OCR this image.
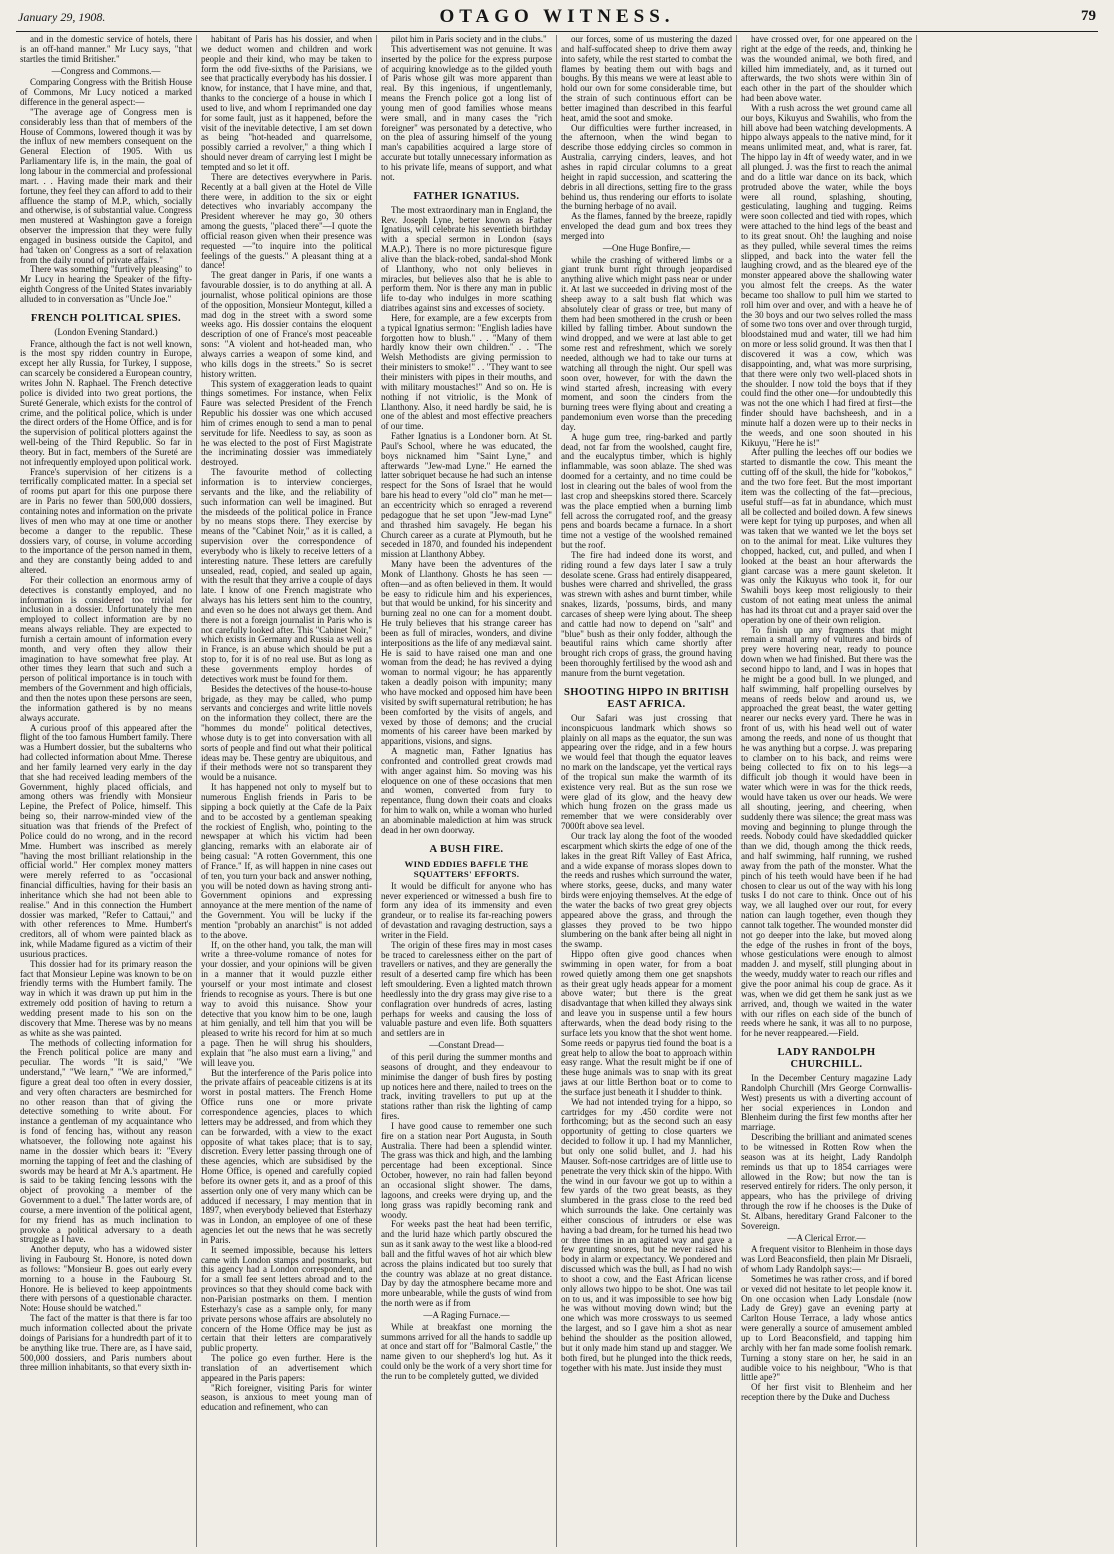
January 29, 1908.	OTAGO WITNESS.	79

and in the domestic service of hotels, there is an off-hand manner." Mr Lucy says, "that startles the timid Britisher."

—Congress and Commons.—

Comparing Congress with the British House of Commons, Mr Lucy noticed a marked difference in the general aspect:—

"The average age of Congress men is considerably less than that of members of the House of Commons, lowered though it was by the influx of new members consequent on the General Election of 1905. With us Parliamentary life is, in the main, the goal of long labour in the commercial and professional mart. . . Having made their mark and their fortune, they feel they can afford to add to their affluence the stamp of M.P., which, socially and otherwise, is of substantial value. Congress men mustered at Washington gave a foreign observer the impression that they were fully engaged in business outside the Capitol, and had 'taken on' Congress as a sort of relaxation from the daily round of private affairs."

There was something "furtively pleasing" to Mr Lucy in hearing the Speaker of the fifty-eighth Congress of the United States invariably alluded to in conversation as "Uncle Joe."

FRENCH POLITICAL SPIES.

(London Evening Standard.)

France, although the fact is not well known, is the most spy ridden country in Europe, except her ally Russia, for Turkey, I suppose, can scarcely be considered a European country, writes John N. Raphael. The French detective police is divided into two great portions, the Sureté Generale, which exists for the control of crime, and the political police, which is under the direct orders of the Home Office, and is for the supervision of political plotters against the well-being of the Third Republic. So far in theory. But in fact, members of the Sureté are not infrequently employed upon political work.

France's supervision of her citizens is a terrifically complicated matter. In a special set of rooms put apart for this one purpose there are in Paris no fewer than 500,000 dossiers, containing notes and information on the private lives of men who may at one time or another become a danger to the republic. These dossiers vary, of course, in volume according to the importance of the person named in them, and they are constantly being added to and altered.

For their collection an enormous army of detectives is constantly employed, and no information is considered too trivial for inclusion in a dossier. Unfortunately the men employed to collect information are by no means always reliable. They are expected to furnish a certain amount of information every month, and very often they allow their imagination to have somewhat free play. At other times they learn that such and such a person of political importance is in touch with members of the Government and high officials, and then the notes upon these persons are seen, the information gathered is by no means always accurate.

A curious proof of this appeared after the flight of the too famous Humbert family. There was a Humbert dossier, but the subalterns who had collected information about Mme. Therese and her family learned very early in the day that she had received leading members of the Government, highly placed officials, and among others was friendly with Monsieur Lepine, the Prefect of Police, himself. This being so, their narrow-minded view of the situation was that friends of the Prefect of Police could do no wrong, and in the record Mme. Humbert was inscribed as merely "having the most brilliant relationship in the official world." Her complex money matters were merely referred to as "occasional financial difficulties, having for their basis an inheritance which she had not been able to realise." And in this connection the Humbert dossier was marked, "Refer to Cattaui," and with other references to Mme. Humbert's creditors, all of whom were painted black as ink, while Madame figured as a victim of their usurious practices.

This dossier had for its primary reason the fact that Monsieur Lepine was known to be on friendly terms with the Humbert family. The way in which it was drawn up put him in the extremely odd position of having to return a wedding present made to his son on the discovery that Mme. Therese was by no means as white as she was painted.

The methods of collecting information for the French political police are many and peculiar. The words "It is said," "We understand," "We learn," "We are informed," figure a great deal too often in every dossier, and very often characters are besmirched for no other reason than that of giving the detective something to write about. For instance a gentleman of my acquaintance who is fond of fencing has, without any reason whatsoever, the following note against his name in the dossier which bears it: "Every morning the tapping of feet and the clashing of swords may be heard at Mr A.'s apartment. He is said to be taking fencing lessons with the object of provoking a member of the Government to a duel." The latter words are, of course, a mere invention of the political agent, for my friend has as much inclination to provoke a political adversary to a death struggle as I have.

Another deputy, who has a widowed sister living in Faubourg St. Honore, is noted down as follows: "Monsieur B. goes out early every morning to a house in the Faubourg St. Honore. He is believed to keep appointments there with persons of a questionable character. Note: House should be watched."

The fact of the matter is that there is far too much information collected about the private doings of Parisians for a hundredth part of it to be anything like true. There are, as I have said, 500,000 dossiers, and Paris numbers about three million inhabitants, so that every sixth in-

habitant of Paris has his dossier, and when we deduct women and children and work people and their kind, who may be taken to form the odd five-sixths of the Parisians, we see that practically everybody has his dossier. I know, for instance, that I have mine, and that, thanks to the concierge of a house in which I used to live, and whom I reprimanded one day for some fault, just as it happened, before the visit of the inevitable detective, I am set down as being "hot-headed and quarrelsome, possibly carried a revolver," a thing which I should never dream of carrying lest I might be tempted and so let it off.

There are detectives everywhere in Paris. Recently at a ball given at the Hotel de Ville there were, in addition to the six or eight detectives who invariably accompany the President wherever he may go, 30 others among the guests, "placed there"—I quote the official reason given when their presence was requested —"to inquire into the political feelings of the guests." A pleasant thing at a dance!

The great danger in Paris, if one wants a favourable dossier, is to do anything at all. A journalist, whose political opinions are those of the opposition, Monsieur Montegut, killed a mad dog in the street with a sword some weeks ago. His dossier contains the eloquent description of one of France's most peaceable sons: "A violent and hot-headed man, who always carries a weapon of some kind, and who kills dogs in the streets." So is secret history written.

This system of exaggeration leads to quaint things sometimes. For instance, when Felix Faure was selected President of the French Republic his dossier was one which accused him of crimes enough to send a man to penal servitude for life. Needless to say, as soon as he was elected to the post of First Magistrate the incriminating dossier was immediately destroyed.

The favourite method of collecting information is to interview concierges, servants and the like, and the reliability of such information can well be imagined. But the misdeeds of the political police in France by no means stops there. They exercise by means of the "Cabinet Noir," as it is called, a supervision over the correspondence of everybody who is likely to receive letters of a interesting nature. These letters are carefully unsealed, read, copied, and sealed up again, with the result that they arrive a couple of days late. I know of one French magistrate who always has his letters sent him to the country, and even so he does not always get them. And there is not a foreign journalist in Paris who is not carefully looked after. This "Cabinet Noir," which exists in Germany and Russia as well as in France, is an abuse which should be put a stop to, for it is of no real use. But as long as these governments employ hordes of detectives work must be found for them.

Besides the detectives of the house-to-house brigade, as they may be called, who pump servants and concierges and write little novels on the information they collect, there are the "hommes du monde" political detectives, whose duty is to get into conversation with all sorts of people and find out what their political ideas may be. These gentry are ubiquitous, and if their methods were not so transparent they would be a nuisance.

It has happened not only to myself but to numerous English friends in Paris to be sipping a bock quietly at the Cafe de la Paix and to be accosted by a gentleman speaking the rockiest of English, who, pointing to the newspaper at which his victim had been glancing, remarks with an elaborate air of being casual: "A rotten Government, this one of France." If, as will happen in nine cases out of ten, you turn your back and answer nothing, you will be noted down as having strong anti-Government opinions and expressing annoyance at the mere mention of the name of the Government. You will be lucky if the mention "probably an anarchist" is not added to the above.

If, on the other hand, you talk, the man will write a three-volume romance of notes for your dossier, and your opinions will be given in a manner that it would puzzle either yourself or your most intimate and closest friends to recognise as yours. There is but one way to avoid this nuisance. Show your detective that you know him to be one, laugh at him genially, and tell him that you will be pleased to write his record for him at so much a page. Then he will shrug his shoulders, explain that "he also must earn a living," and will leave you.

But the interference of the Paris police into the private affairs of peaceable citizens is at its worst in postal matters. The French Home Office runs one or more private correspondence agencies, places to which letters may be addressed, and from which they can be forwarded, with a view to the exact opposite of what takes place; that is to say, discretion. Every letter passing through one of these agencies, which are subsidised by the Home Office, is opened and carefully copied before its owner gets it, and as a proof of this assertion only one of very many which can be adduced if necessary, I may mention that in 1897, when everybody believed that Esterhazy was in London, an employee of one of these agencies let out the news that he was secretly in Paris.

It seemed impossible, because his letters came with London stamps and postmarks, but this agency had a London correspondent, and for a small fee sent letters abroad and to the provinces so that they should come back with non-Parisian postmarks on them. I mention Esterhazy's case as a sample only, for many private persons whose affairs are absolutely no concern of the Home Office may be just as certain that their letters are comparatively public property.

The police go even further. Here is the translation of an advertisement which appeared in the Paris papers:

"Rich foreigner, visiting Paris for winter season, is anxious to meet young man of education and refinement, who can

pilot him in Paris society and in the clubs."

This advertisement was not genuine. It was inserted by the police for the express purpose of acquiring knowledge as to the gilded youth of Paris whose gilt was more apparent than real. By this ingenious, if ungentlemanly, means the French police got a long list of young men of good families whose means were small, and in many cases the "rich foreigner" was personated by a detective, who on the plea of assuring himself of the young man's capabilities acquired a large store of accurate but totally unnecessary information as to his private life, means of support, and what not.

FATHER IGNATIUS.

The most extraordinary man in England, the Rev. Joseph Lyne, better known as Father Ignatius, will celebrate his seventieth birthday with a special sermon in London (says M.A.P.). There is no more picturesque figure alive than the black-robed, sandal-shod Monk of Llanthony, who not only believes in miracles, but believes also that he is able to perform them. Nor is there any man in public life to-day who indulges in more scathing diatribes against sins and excesses of society.

Here, for example, are a few excerpts from a typical Ignatius sermon: "English ladies have forgotten how to blush." . . "Many of them hardly know their own children." . . "The Welsh Methodists are giving permission to their ministers to smoke!" . . "They want to see their ministers with pipes in their mouths, and with military moustaches!" And so on. He is nothing if not vitriolic, is the Monk of Llanthony. Also, it need hardly be said, he is one of the ablest and most effective preachers of our time.

Father Ignatius is a Londoner born. At St. Paul's School, where he was educated, the boys nicknamed him "Saint Lyne," and afterwards "Jew-mad Lyne." He earned the latter sobriquet because he had such an intense respect for the Sons of Israel that he would bare his head to every "old clo'" man he met—an eccentricity which so enraged a reverend pedagogue that he set upon "Jew-mad Lyne" and thrashed him savagely. He began his Church career as a curate at Plymouth, but he seceded in 1870, and founded his independent mission at Llanthony Abbey.

Many have been the adventures of the Monk of Llanthony. Ghosts he has seen —often—and as often believed in them. It would be easy to ridicule him and his experiences, but that would be unkind, for his sincerity and burning zeal no one can for a moment doubt. He truly believes that his strange career has been as full of miracles, wonders, and divine interpositions as the life of any mediæval saint. He is said to have raised one man and one woman from the dead; he has revived a dying woman to normal vigour; he has apparently taken a deadly poison with impunity; many who have mocked and opposed him have been visited by swift supernatural retribution; he has been comforted by the visits of angels, and vexed by those of demons; and the crucial moments of his career have been marked by apparitions, visions, and signs.

A magnetic man, Father Ignatius has confronted and controlled great crowds mad with anger against him. So moving was his eloquence on one of these occasions that men and women, converted from fury to repentance, flung down their coats and cloaks for him to walk on, while a woman who hurled an abominable malediction at him was struck dead in her own doorway.

A BUSH FIRE.
WIND EDDIES BAFFLE THE SQUATTERS' EFFORTS.

It would be difficult for anyone who has never experienced or witnessed a bush fire to form any idea of its immensity and even grandeur, or to realise its far-reaching powers of devastation and ravaging destruction, says a writer in the Field.

The origin of these fires may in most cases be traced to carelessness either on the part of travellers or natives, and they are generally the result of a deserted camp fire which has been left smouldering. Even a lighted match thrown heedlessly into the dry grass may give rise to a conflagration over hundreds of acres, lasting perhaps for weeks and causing the loss of valuable pasture and even life. Both squatters and settlers are in

—Constant Dread—

of this peril during the summer months and seasons of drought, and they endeavour to minimise the danger of bush fires by posting up notices here and there, nailed to trees on the track, inviting travellers to put up at the stations rather than risk the lighting of camp fires.

I have good cause to remember one such fire on a station near Port Augusta, in South Australia. There had been a splendid winter. The grass was thick and high, and the lambing percentage had been exceptional. Since October, however, no rain had fallen beyond an occasional slight shower. The dams, lagoons, and creeks were drying up, and the long grass was rapidly becoming rank and woody.

For weeks past the heat had been terrific, and the lurid haze which partly obscured the sun as it sank away to the west like a blood-red ball and the fitful waves of hot air which blew across the plains indicated but too surely that the country was ablaze at no great distance. Day by day the atmosphere became more and more unbearable, while the gusts of wind from the north were as if from

—A Raging Furnace.—

While at breakfast one morning the summons arrived for all the hands to saddle up at once and start off for "Balmoral Castle," the name given to our shepherd's log hut. As it could only be the work of a very short time for the run to be completely gutted, we divided

our forces, some of us mustering the dazed and half-suffocated sheep to drive them away into safety, while the rest started to combat the flames by beating them out with bags and boughs. By this means we were at least able to hold our own for some considerable time, but the strain of such continuous effort can be better imagined than described in this fearful heat, amid the soot and smoke.

Our difficulties were further increased, in the afternoon, when the wind began to describe those eddying circles so common in Australia, carrying cinders, leaves, and hot ashes in rapid circular columns to a great height in rapid succession, and scattering the debris in all directions, setting fire to the grass behind us, thus rendering our efforts to isolate the burning herbage of no avail.

As the flames, fanned by the breeze, rapidly enveloped the dead gum and box trees they merged into

—One Huge Bonfire,—

while the crashing of withered limbs or a giant trunk burnt right through jeopardised anything alive which might pass near or under it. At last we succeeded in driving most of the sheep away to a salt bush flat which was absolutely clear of grass or tree, but many of them had been smothered in the crush or been killed by falling timber. About sundown the wind dropped, and we were at last able to get some rest and refreshment, which we sorely needed, although we had to take our turns at watching all through the night. Our spell was soon over, however, for with the dawn the wind started afresh, increasing with every moment, and soon the cinders from the burning trees were flying about and creating a pandemonium even worse than the preceding day.

A huge gum tree, ring-barked and partly dead, not far from the woolshed, caught fire, and the eucalyptus timber, which is highly inflammable, was soon ablaze. The shed was doomed for a certainty, and no time could be lost in clearing out the bales of wool from the last crop and sheepskins stored there. Scarcely was the place emptied when a burning limb fell across the corrugated roof, and the greasy pens and boards became a furnace. In a short time not a vestige of the woolshed remained but the roof.

The fire had indeed done its worst, and riding round a few days later I saw a truly desolate scene. Grass had entirely disappeared, bushes were charred and shrivelled, the grass was strewn with ashes and burnt timber, while snakes, lizards, 'possums, birds, and many carcases of sheep were lying about. The sheep and cattle had now to depend on "salt" and "blue" bush as their only fodder, although the beautiful rains which came shortly after brought rich crops of grass, the ground having been thoroughly fertilised by the wood ash and manure from the burnt vegetation.

SHOOTING HIPPO IN BRITISH EAST AFRICA.

Our Safari was just crossing that inconspicuous landmark which shows so plainly on all maps as the equator, the sun was appearing over the ridge, and in a few hours we would feel that though the equator leaves no mark on the landscape, yet the vertical rays of the tropical sun make the warmth of its existence very real. But as the sun rose we were glad of its glow, and the heavy dew which hung frozen on the grass made us remember that we were considerably over 7000ft above sea level.

Our track lay along the foot of the wooded escarpment which skirts the edge of one of the lakes in the great Rift Valley of East Africa, and a wide expanse of morass slopes down to the reeds and rushes which surround the water, where storks, geese, ducks, and many water birds were enjoying themselves. At the edge of the water the backs of two great grey objects appeared above the grass, and through the glasses they proved to be two hippo slumbering on the bank after being all night in the swamp.

Hippo often give good chances when swimming in open water, for from a boat rowed quietly among them one get snapshots as their great ugly heads appear for a moment above water; but there is the great disadvantage that when killed they always sink and leave you in suspense until a few hours afterwards, when the dead body rising to the surface lets you know that the shot went home. Some reeds or papyrus tied found the boat is a great help to allow the boat to approach within easy range. What the result might be if one of these huge animals was to snap with its great jaws at our little Berthon boat or to come to the surface just beneath it I shudder to think.

We had not intended trying for a hippo, so cartridges for my .450 cordite were not forthcoming; but as the second such an easy opportunity of getting to close quarters we decided to follow it up. I had my Mannlicher, but only one solid bullet, and J. had his Mauser. Soft-nose cartridges are of little use to penetrate the very thick skin of the hippo. With the wind in our favour we got up to within a few yards of the two great beasts, as they slumbered in the grass close to the reed bed which surrounds the lake. One certainly was either conscious of intruders or else was having a bad dream, for he turned his head two or three times in an agitated way and gave a few grunting snores, but he never raised his body in alarm or expectancy. We pondered and discussed which was the bull, as I had no wish to shoot a cow, and the East African license only allows two hippo to be shot. One was tail on to us, and it was impossible to see how big he was without moving down wind; but the one which was more crossways to us seemed the largest, and so I gave him a shot as near behind the shoulder as the position allowed, but it only made him stand up and stagger. We both fired, but he plunged into the thick reeds, together with his mate. Just inside they must

have crossed over, for one appeared on the right at the edge of the reeds, and, thinking he was the wounded animal, we both fired, and killed him immediately, and, as it turned out afterwards, the two shots were within 3in of each other in the part of the shoulder which had been above water.

With a rush across the wet ground came all our boys, Kikuyus and Swahilis, who from the hill above had been watching developments. A hippo always appeals to the native mind, for it means unlimited meat, and, what is rarer, fat. The hippo lay in 4ft of weedy water, and in we all plunged. J. was the first to reach the animal and do a little war dance on its back, which protruded above the water, while the boys were all round, splashing, shouting, gesticulating, laughing and tugging. Reims were soon collected and tied with ropes, which were attached to the hind legs of the beast and to its great snout. Oh! the laughing and noise as they pulled, while several times the reims slipped, and back into the water fell the laughing crowd, and as the bleared eye of the monster appeared above the shallowing water you almost felt the creeps. As the water became too shallow to pull him we started to roll him over and over, and with a heave he of the 30 boys and our two selves rolled the mass of some two tons over and over through turgid, bloodstained mud and water, till we had him on more or less solid ground. It was then that I discovered it was a cow, which was disappointing, and, what was more surprising, that there were only two well-placed shots in the shoulder. I now told the boys that if they could find the other one—for undoubtedly this was not the one which I had fired at first—the finder should have bachsheesh, and in a minute half a dozen were up to their necks in the weeds, and one soon shouted in his Kikuyu, "Here he is!"

After pulling the leeches off our bodies we started to dismantle the cow. This meant the cutting off of the skull, the hide for "kobokos," and the two fore feet. But the most important item was the collecting of the fat—precious, useful stuff—as fat in abundance, which must all be collected and boiled down. A few sinews were kept for tying up purposes, and when all was taken that we wanted we let the boys set on to the animal for meat. Like vultures they chopped, hacked, cut, and pulled, and when I looked at the beast an hour afterwards the giant carcase was a mere gaunt skeleton. It was only the Kikuyus who took it, for our Swahili boys keep most religiously to their custom of not eating meat unless the animal has had its throat cut and a prayer said over the operation by one of their own religion.

To finish up any fragments that might remain a small army of vultures and birds of prey were hovering near, ready to pounce down when we had finished. But there was the second hippo to land, and I was in hopes that he might be a good bull. In we plunged, and half swimming, half propelling ourselves by means of reeds below and around us, we approached the great beast, the water getting nearer our necks every yard. There he was in front of us, with his head well out of water among the reeds, and none of us thought that he was anything but a corpse. J. was preparing to clamber on to his back, and reims were being collected to fix on to his legs—a difficult job though it would have been in water which were in was for the thick reeds, would have taken us over our heads. We were all shouting, jeering, and cheering, when suddenly there was silence; the great mass was moving and beginning to plunge through the reeds. Nobody could have skedaddled quicker than we did, though among the thick reeds, and half swimming, half running, we rushed away from the path of the monster. What the pinch of his teeth would have been if he had chosen to clear us out of the way with his long tusks I do not care to think. Once out of his way, we all laughed over our rout, for every nation can laugh together, even though they cannot talk together. The wounded monster did not go deeper into the lake, but moved along the edge of the rushes in front of the boys, whose gesticulations were enough to almost madden J. and myself, still plunging about in the weedy, muddy water to reach our rifles and give the poor animal his coup de grace. As it was, when we did get them he sank just as we arrived, and, though we waited in the water with our rifles on each side of the bunch of reeds where he sank, it was all to no purpose, for he never reappeared.—Field.

LADY RANDOLPH CHURCHILL.

In the December Century magazine Lady Randolph Churchill (Mrs George Cornwallis-West) presents us with a diverting account of her social experiences in London and Blenheim during the first few months after her marriage.

Describing the brilliant and animated scenes to be witnessed in Rotten Row when the season was at its height, Lady Randolph reminds us that up to 1854 carriages were allowed in the Row; but now the tan is reserved entirely for riders. The only person, it appears, who has the privilege of driving through the row if he chooses is the Duke of St. Albans, hereditary Grand Falconer to the Sovereign.

—A Clerical Error.—

A frequent visitor to Blenheim in those days was Lord Beaconsfield, then plain Mr Disraeli, of whom Lady Randolph says:—

Sometimes he was rather cross, and if bored or vexed did not hesitate to let people know it. On one occasion when Lady Lonsdale (now Lady de Grey) gave an evening party at Carlton House Terrace, a lady whose antics were generally a source of amusement ambled up to Lord Beaconsfield, and tapping him archly with her fan made some foolish remark. Turning a stony stare on her, he said in an audible voice to his neighbour, "Who is that little ape?"

Of her first visit to Blenheim and her reception there by the Duke and Duchess
